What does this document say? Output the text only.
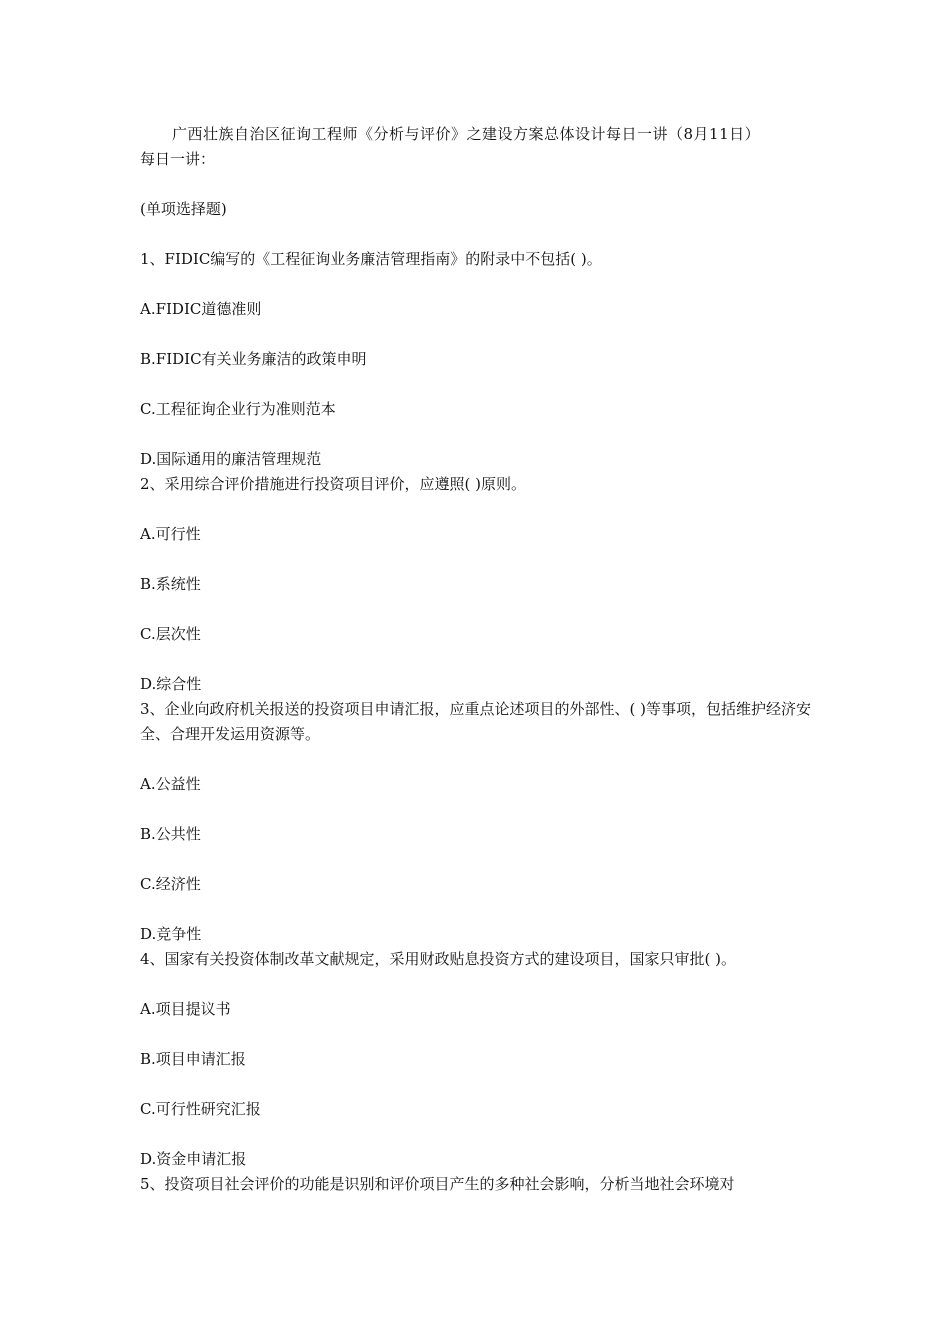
广西壮族自治区征询工程师《分析与评价》之建设方案总体设计每日一讲（8月11日）

每日一讲：

(单项选择题)

1、FIDIC编写的《工程征询业务廉洁管理指南》的附录中不包括( )。

A.FIDIC道德准则

B.FIDIC有关业务廉洁的政策申明

C.工程征询企业行为准则范本

D.国际通用的廉洁管理规范

2、采用综合评价措施进行投资项目评价，应遵照( )原则。

A.可行性

B.系统性

C.层次性

D.综合性

3、企业向政府机关报送的投资项目申请汇报，应重点论述项目的外部性、( )等事项，包括维护经济安全、合理开发运用资源等。

A.公益性

B.公共性

C.经济性

D.竞争性

4、国家有关投资体制改革文献规定，采用财政贴息投资方式的建设项目，国家只审批( )。

A.项目提议书

B.项目申请汇报

C.可行性研究汇报

D.资金申请汇报

5、投资项目社会评价的功能是识别和评价项目产生的多种社会影响，分析当地社会环境对
